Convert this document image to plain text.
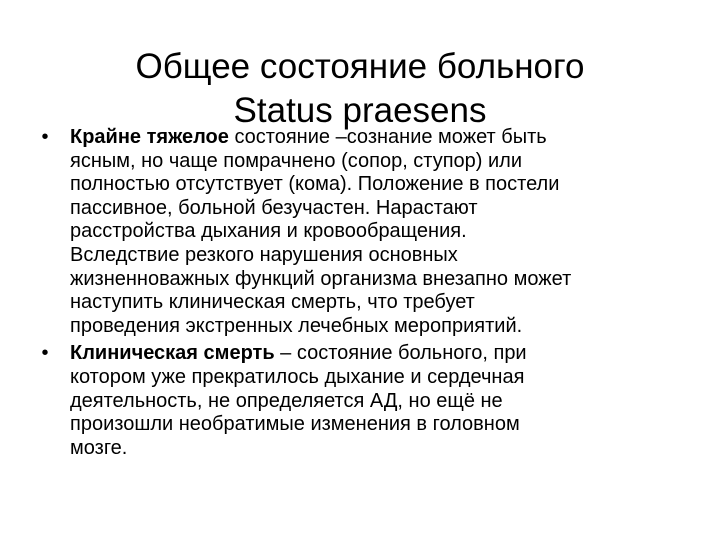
Общее состояние больного
Status praesens
• Крайне тяжелое состояние –сознание может быть
ясным, но чаще помрачнено (сопор, ступор) или
полностью отсутствует (кома). Положение в постели
пассивное, больной безучастен. Нарастают
расстройства дыхания и кровообращения.
Вследствие резкого нарушения основных
жизненноважных функций организма внезапно может
наступить клиническая смерть, что требует
проведения экстренных лечебных мероприятий.
• Клиническая смерть – состояние больного, при
котором уже прекратилось дыхание и сердечная
деятельность, не определяется АД, но ещё не
произошли необратимые изменения в головном
мозге.
